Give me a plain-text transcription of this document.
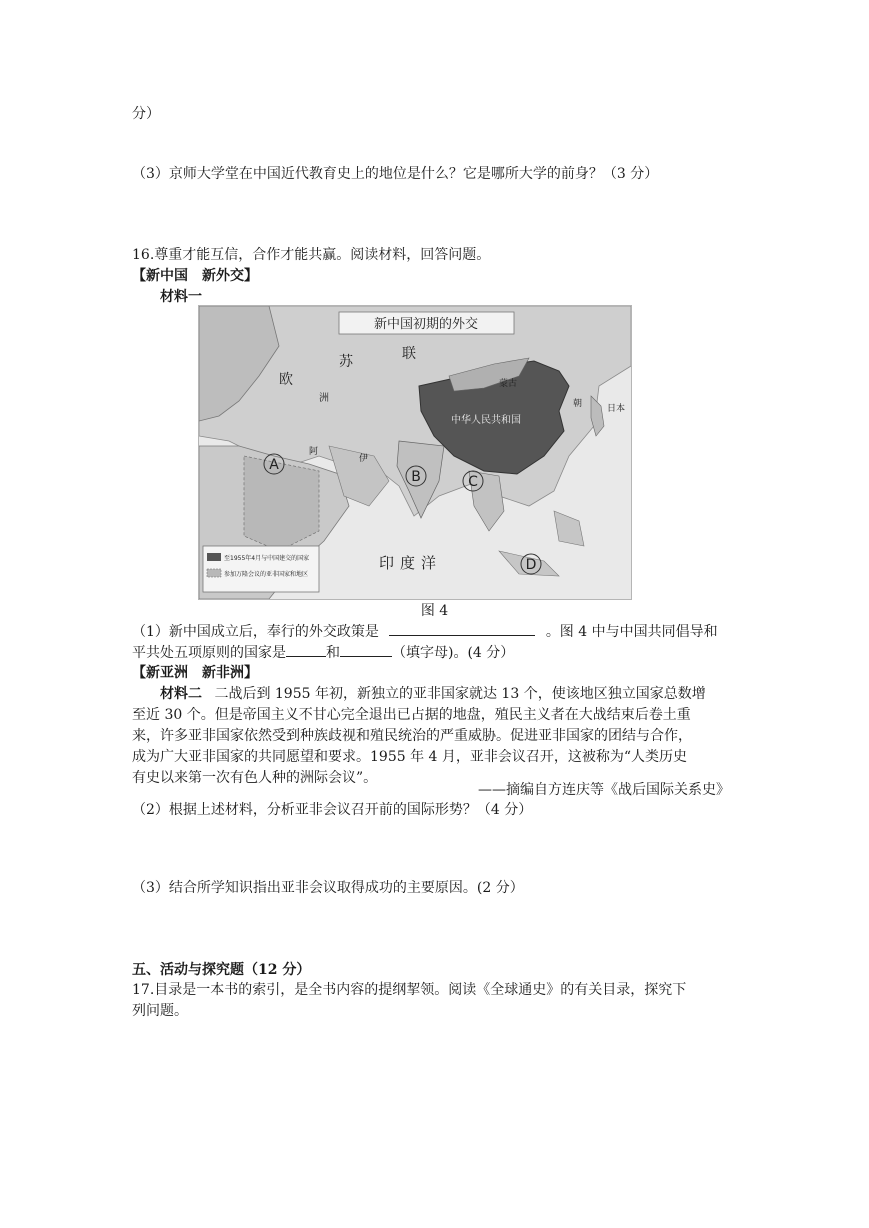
分）
（3）京师大学堂在中国近代教育史上的地位是什么？它是哪所大学的前身？（3 分）
16.尊重才能互信，合作才能共赢。阅读材料，回答问题。
【新中国　新外交】
材料一
新中国初期的外交
苏	联
欧
洲
中华人民共和国
蒙古
朝	日本
伊
阿
印度洋
A
B	C
D
至1955年4月与中国建交的国家
参加万隆会议的亚非国家和地区
图 4
（1）新中国成立后，奉行的外交政策是	。图 4 中与中国共同倡导和
平共处五项原则的国家是	和	（填字母)。(4 分）
【新亚洲　新非洲】
材料二 二战后到 1955 年初，新独立的亚非国家就达 13 个，使该地区独立国家总数增
至近 30 个。但是帝国主义不甘心完全退出已占据的地盘，殖民主义者在大战结束后卷土重
来，许多亚非国家依然受到种族歧视和殖民统治的严重威胁。促进亚非国家的团结与合作，
成为广大亚非国家的共同愿望和要求。1955 年 4 月，亚非会议召开，这被称为“人类历史
有史以来第一次有色人种的洲际会议”。
——摘编自方连庆等《战后国际关系史》
（2）根据上述材料，分析亚非会议召开前的国际形势？（4 分）
（3）结合所学知识指出亚非会议取得成功的主要原因。(2 分）
五、活动与探究题（12 分）
17.目录是一本书的索引，是全书内容的提纲挈领。阅读《全球通史》的有关目录，探究下
列问题。
